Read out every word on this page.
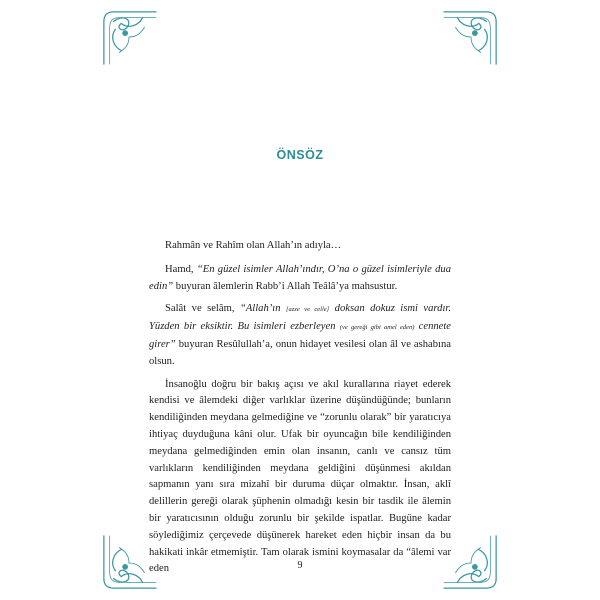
ÖNSÖZ

Rahmân ve Rahîm olan Allah’ın adıyla…

Hamd, “En güzel isimler Allah’ındır, O’na o güzel isimleriyle dua edin” buyuran âlemlerin Rabb’i Allah Teâlâ’ya mahsustur.

Salât ve selâm, “Allah’ın [azze ve celle] doksan dokuz ismi vardır. Yüzden bir eksiktir. Bu isimleri ezberleyen (ve gereği gibi amel eden) cennete girer” buyuran Resûlullah’a, onun hidayet vesilesi olan âl ve ashabına olsun.

İnsanoğlu doğru bir bakış açısı ve akıl kurallarına riayet ederek kendisi ve âlemdeki diğer varlıklar üzerine düşündüğünde; bunların kendiliğinden meydana gelmediğine ve “zorunlu olarak” bir yaratıcıya ihtiyaç duyduğuna kâni olur. Ufak bir oyuncağın bile kendiliğinden meydana gelmediğinden emin olan insanın, canlı ve cansız tüm varlıkların kendiliğinden meydana geldiğini düşünmesi akıldan sapmanın yanı sıra mizahî bir duruma düçar olmaktır. İnsan, aklî delillerin gereği olarak şüphenin olmadığı kesin bir tasdik ile âlemin bir yaratıcısının olduğu zorunlu bir şekilde ispatlar. Bugüne kadar söylediğimiz çerçevede düşünerek hareket eden hiçbir insan da bu hakikati inkâr etmemiştir. Tam olarak ismini koymasalar da “âlemi var eden	9
